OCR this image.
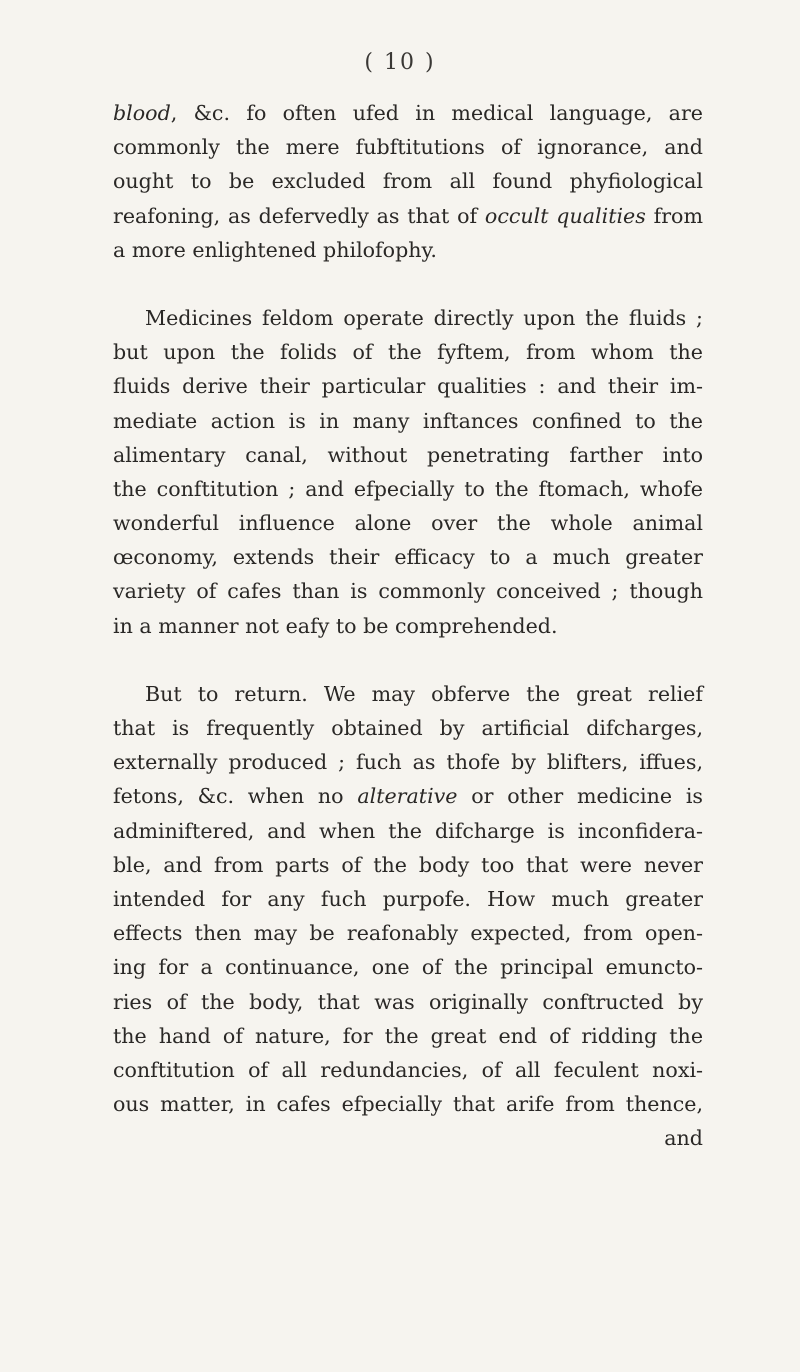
( 10 )
blood, &c. fo often ufed in medical language, are
commonly the mere fubftitutions of ignorance, and
ought to be excluded from all found phyfiological
reafoning, as defervedly as that of occult qualities from
a more enlightened philofophy.
Medicines feldom operate directly upon the fluids ;
but upon the folids of the fyftem, from whom the
fluids derive their particular qualities : and their im-
mediate action is in many inftances confined to the
alimentary canal, without penetrating farther into
the conftitution ; and efpecially to the ftomach, whofe
wonderful influence alone over the whole animal
œconomy, extends their efficacy to a much greater
variety of cafes than is commonly conceived ; though
in a manner not eafy to be comprehended.
But to return. We may obferve the great relief
that is frequently obtained by artificial difcharges,
externally produced ; fuch as thofe by blifters, iffues,
fetons, &c. when no alterative or other medicine is
adminiftered, and when the difcharge is inconfidera-
ble, and from parts of the body too that were never
intended for any fuch purpofe. How much greater
effects then may be reafonably expected, from open-
ing for a continuance, one of the principal emuncto-
ries of the body, that was originally conftructed by
the hand of nature, for the great end of ridding the
conftitution of all redundancies, of all feculent noxi-
ous matter, in cafes efpecially that arife from thence,
and
